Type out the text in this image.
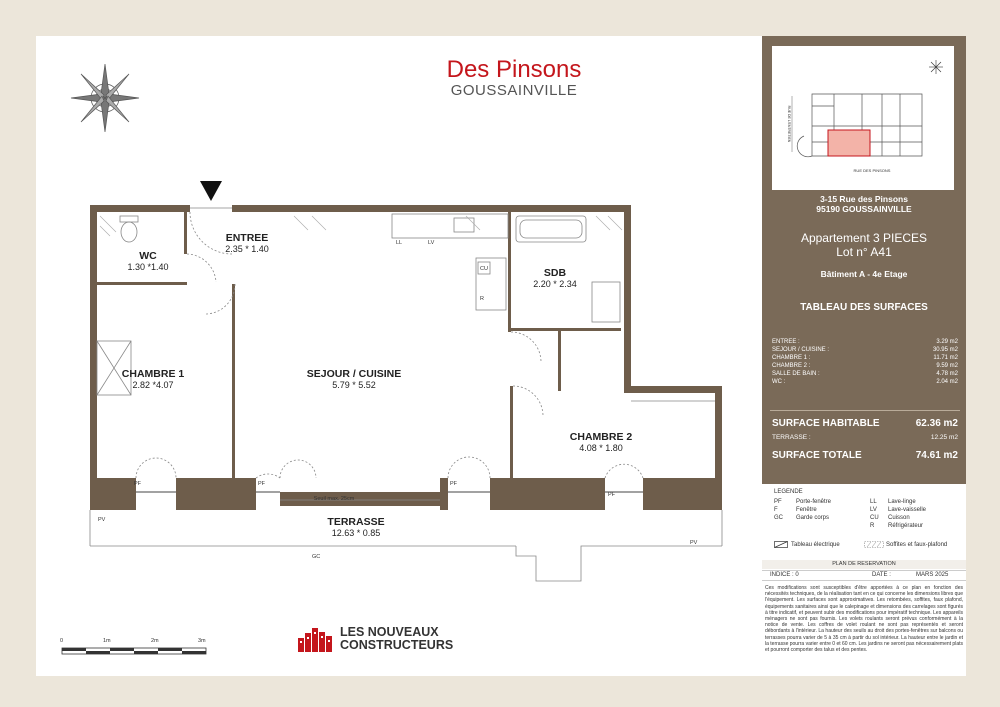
Des Pinsons
GOUSSAINVILLE
ENTREE
2.35 * 1.40
WC
1.30 *1.40	SDB
2.20 * 2.34
CHAMBRE 1
2.82 *4.07
SEJOUR / CUISINE
5.79 * 5.52
CHAMBRE 2
4.08 * 1.80
TERRASSE
12.63 * 0.85
Seuil max. 25cm
PF	PF	PF
PF
PV
PV
GC
LL	LV
CU
R
0	1m	2m	3m
LES NOUVEAUX
CONSTRUCTEURS
RUE DES PINSONS
RUE DE L'ENTRETIEN
3-15 Rue des Pinsons
95190 GOUSSAINVILLE
Appartement 3 PIECES
Lot n° A41
Bâtiment A - 4e Etage
TABLEAU DES SURFACES
ENTREE :	3.29 m2
SEJOUR / CUISINE :	30.95 m2
CHAMBRE 1 :	11.71 m2
CHAMBRE 2 :	9.59 m2
SALLE DE BAIN :	4.78 m2
WC :	2.04 m2
SURFACE HABITABLE	62.36 m2
TERRASSE :	12.25 m2
SURFACE TOTALE	74.61 m2
LEGENDE
PF Porte-fenêtre
F	Fenêtre
GC Garde corps
LL Lave-linge
LV Lave-vaisselle
CU Cuisson
R Réfrigérateur
Tableau électrique	Soffites et faux-plafond
PLAN DE RESERVATION
INDICE : 0	DATE :	MARS 2025
Ces modifications sont susceptibles d'être apportées à ce plan en fonction des nécessités techniques, de la réalisation tant en ce qui concerne les dimensions libres que l'équipement. Les surfaces sont approximatives. Les retombées, soffites, faux plafond, équipements sanitaires ainsi que le calepinage et dimensions des carrelages sont figurés à titre indicatif, et peuvent subir des modifications pour impératif technique. Les appareils ménagers ne sont pas fournis. Les volets roulants seront prévus conformément à la notice de vente. Les coffres de volet roulant ne sont pas représentés et seront débordants à l'intérieur. La hauteur des seuils au droit des portes-fenêtres sur balcons ou terrasses pourra varier de 5 à 35 cm à partir du sol intérieur. La hauteur entre le jardin et la terrasse pourra varier entre 0 et 60 cm. Les jardins ne seront pas nécessairement plats et pourront comporter des talus et des pentes.
